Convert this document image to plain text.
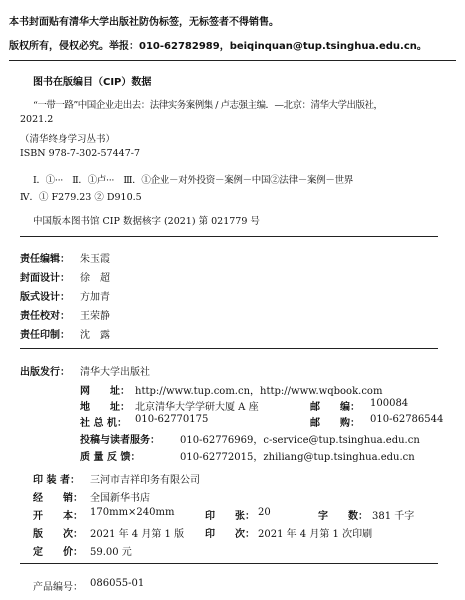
本书封面贴有清华大学出版社防伪标签，无标签者不得销售。
版权所有，侵权必究。举报：010-62782989，beiqinquan@tup.tsinghua.edu.cn。
图书在版编目（CIP）数据
“一带一路”中国企业走出去：法律实务案例集 / 卢志强主编．—北京：清华大学出版社，
2021.2
（清华终身学习丛书）
ISBN 978-7-302-57447-7
Ⅰ．①···　Ⅱ．①卢···　Ⅲ．①企业－对外投资－案例－中国②法律－案例－世界
Ⅳ．① F279.23 ② D910.5
中国版本图书馆 CIP 数据核字 (2021) 第 021779 号
责任编辑： 朱玉霞
封面设计： 徐　超
版式设计： 方加青
责任校对： 王荣静
责任印制： 沈　露
出版发行： 清华大学出版社
网　　址： http://www.tup.com.cn，http://www.wqbook.com
地　　址： 北京清华大学学研大厦 A 座	邮　　编： 100084
社 总 机： 010-62770175	邮　　购： 010-62786544
投稿与读者服务： 010-62776969，c-service@tup.tsinghua.edu.cn
质 量 反 馈：	010-62772015，zhiliang@tup.tsinghua.edu.cn
印 装 者： 三河市吉祥印务有限公司
经　　销： 全国新华书店
开　　本： 170mm×240mm	印　　张： 20	字　　数： 381 千字
版　　次： 2021 年 4 月第 1 版 印　　次： 2021 年 4 月第 1 次印刷
定　　价： 59.00 元
产品编号： 086055-01
